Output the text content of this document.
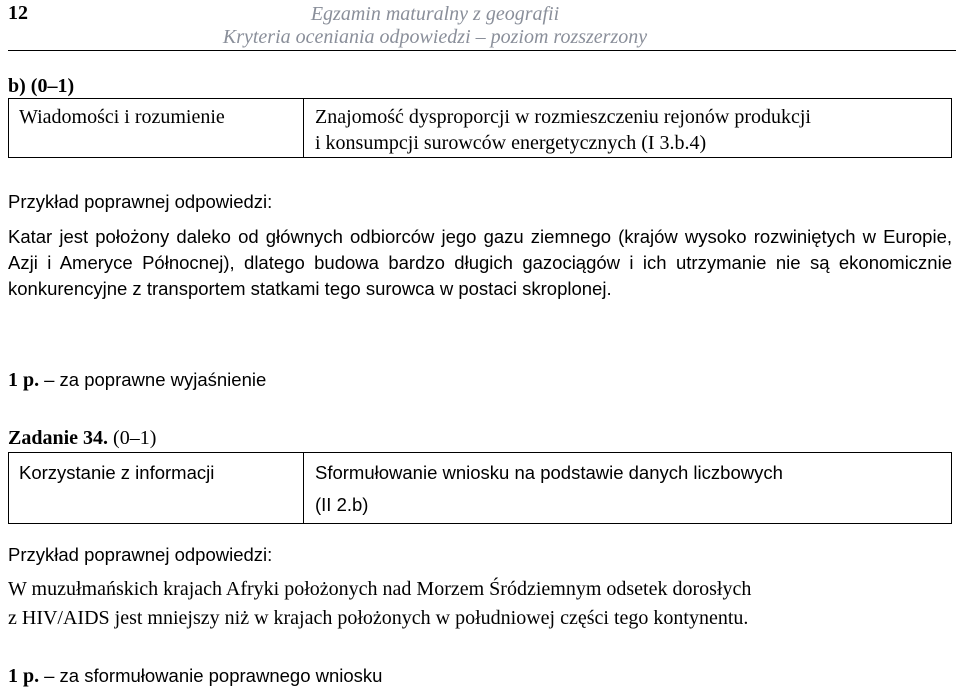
12	Egzamin maturalny z geografii
Kryteria oceniania odpowiedzi – poziom rozszerzony
b) (0–1)
Wiadomości i rozumienie	Znajomość dysproporcji w rozmieszczeniu rejonów produkcji
i konsumpcji surowców energetycznych (I 3.b.4)
Przykład poprawnej odpowiedzi:
Katar jest położony daleko od głównych odbiorców jego gazu ziemnego (krajów wysoko rozwiniętych w Europie, Azji i Ameryce Północnej), dlatego budowa bardzo długich gazociągów i ich utrzymanie nie są ekonomicznie konkurencyjne z transportem statkami tego surowca w postaci skroplonej.
1 p. – za poprawne wyjaśnienie
Zadanie 34. (0–1)
Korzystanie z informacji	Sformułowanie wniosku na podstawie danych liczbowych
(II 2.b)
Przykład poprawnej odpowiedzi:
W muzułmańskich krajach Afryki położonych nad Morzem Śródziemnym odsetek dorosłych
z HIV/AIDS jest mniejszy niż w krajach położonych w południowej części tego kontynentu.
1 p. – za sformułowanie poprawnego wniosku
